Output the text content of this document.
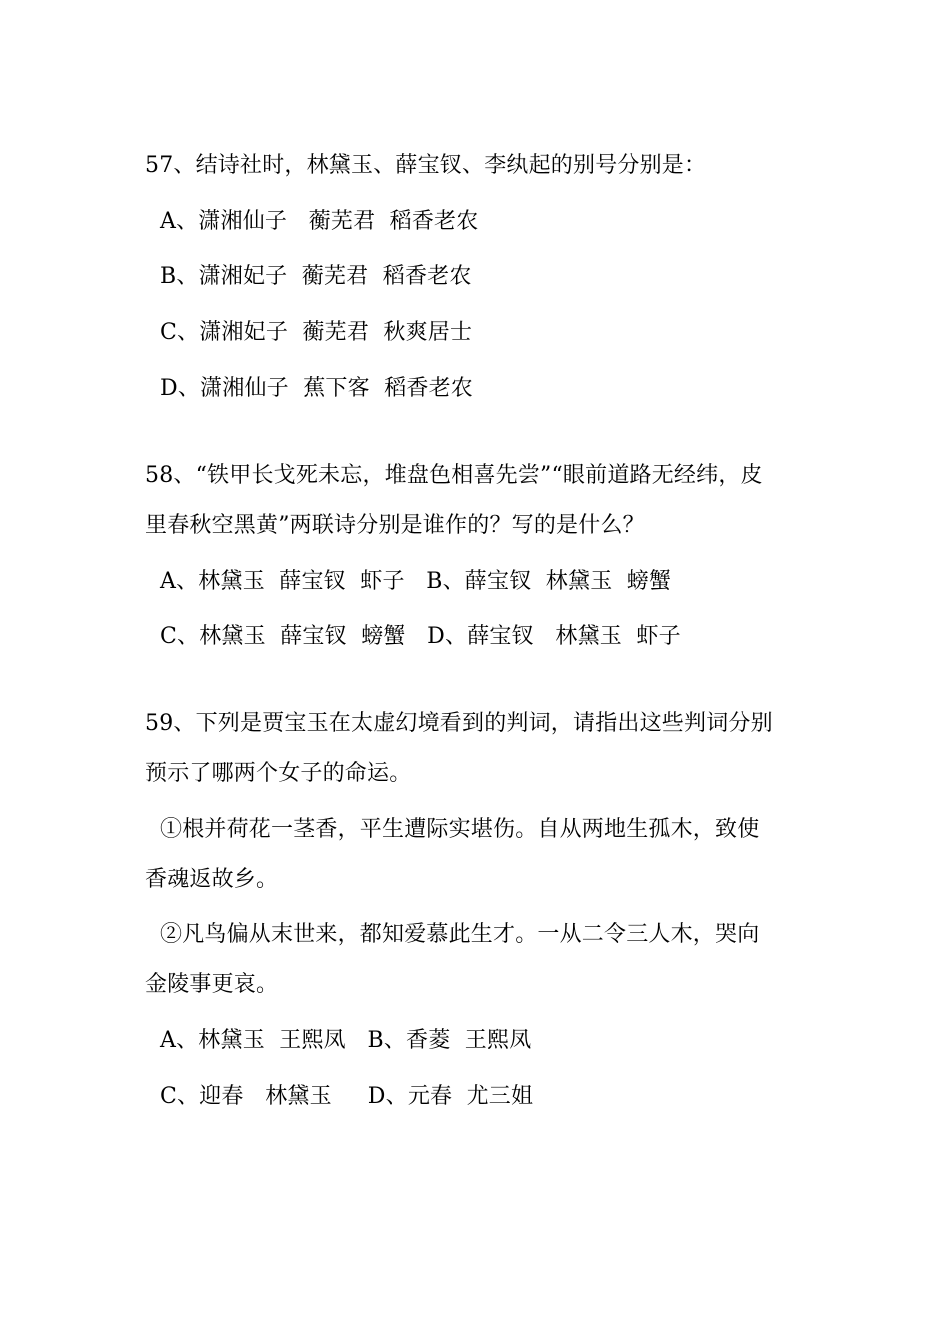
57、结诗社时，林黛玉、薛宝钗、李纨起的别号分别是：
A、潇湘仙子   蘅芜君  稻香老农
B、潇湘妃子  蘅芜君  稻香老农
C、潇湘妃子  蘅芜君  秋爽居士
D、潇湘仙子  蕉下客  稻香老农
58、“铁甲长戈死未忘，堆盘色相喜先尝”“眼前道路无经纬，皮
里春秋空黑黄”两联诗分别是谁作的？写的是什么？
A、林黛玉  薛宝钗  虾子   B、薛宝钗  林黛玉  螃蟹
C、林黛玉  薛宝钗  螃蟹   D、薛宝钗   林黛玉  虾子
59、下列是贾宝玉在太虚幻境看到的判词，请指出这些判词分别
预示了哪两个女子的命运。
①根并荷花一茎香，平生遭际实堪伤。自从两地生孤木，致使
香魂返故乡。
②凡鸟偏从末世来，都知爱慕此生才。一从二令三人木，哭向
金陵事更哀。
A、林黛玉  王熙凤   B、香菱  王熙凤
C、迎春   林黛玉     D、元春  尤三姐
